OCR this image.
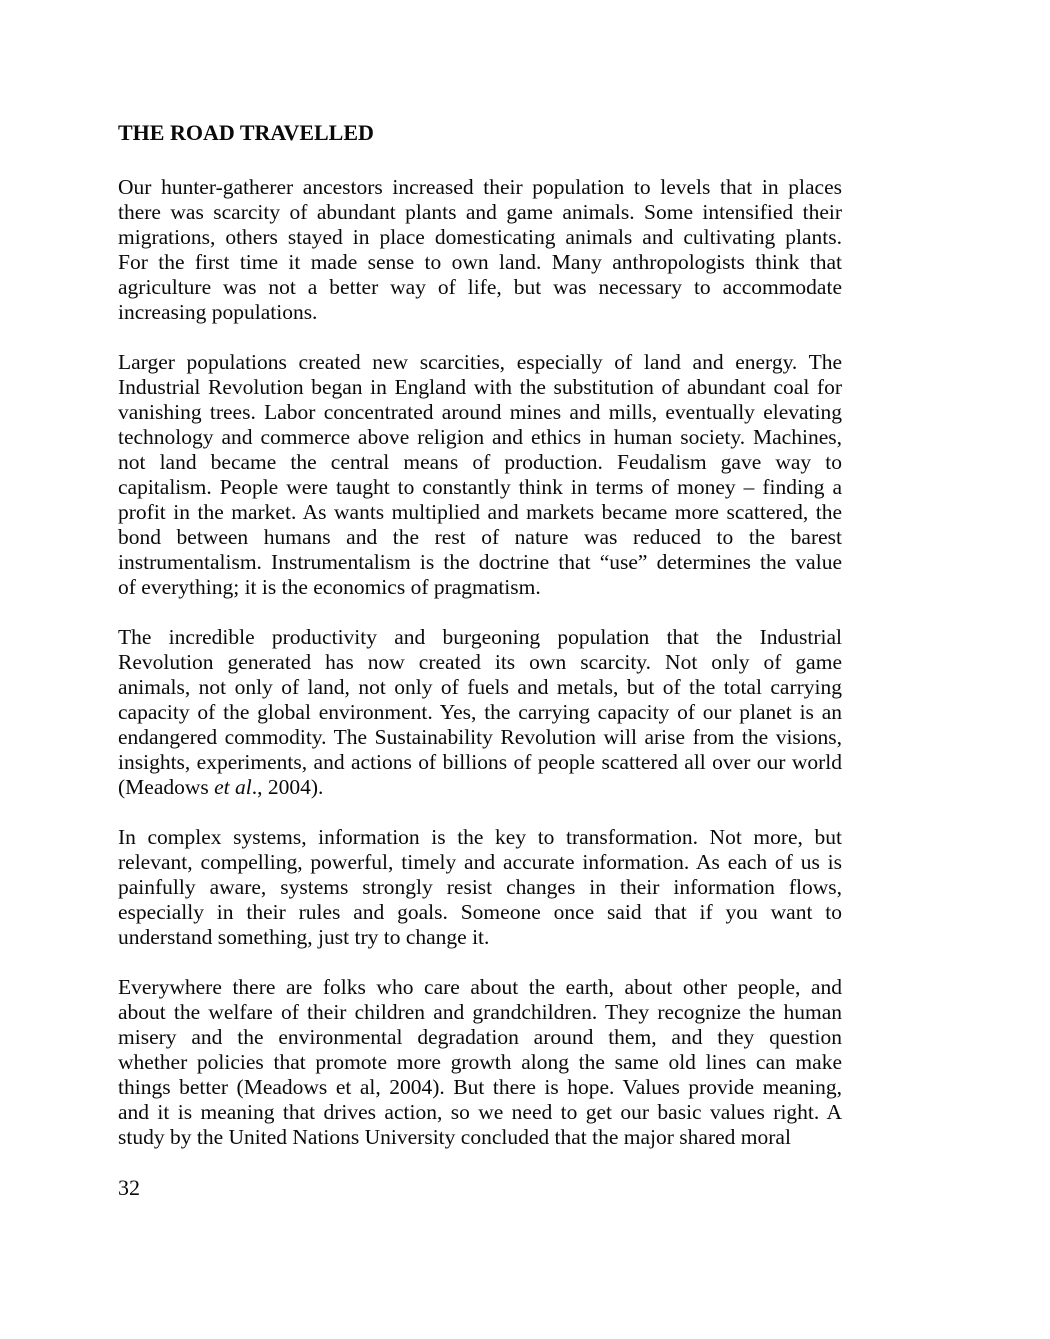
THE ROAD TRAVELLED
Our hunter-gatherer ancestors increased their population to levels that in places
there was scarcity of abundant plants and game animals. Some intensified their
migrations, others stayed in place domesticating animals and cultivating plants.
For the first time it made sense to own land. Many anthropologists think that
agriculture was not a better way of life, but was necessary to accommodate
increasing populations.
Larger populations created new scarcities, especially of land and energy. The
Industrial Revolution began in England with the substitution of abundant coal for
vanishing trees. Labor concentrated around mines and mills, eventually elevating
technology and commerce above religion and ethics in human society. Machines,
not land became the central means of production. Feudalism gave way to
capitalism. People were taught to constantly think in terms of money – finding a
profit in the market. As wants multiplied and markets became more scattered, the
bond between humans and the rest of nature was reduced to the barest
instrumentalism. Instrumentalism is the doctrine that “use” determines the value
of everything; it is the economics of pragmatism.
The incredible productivity and burgeoning population that the Industrial
Revolution generated has now created its own scarcity. Not only of game
animals, not only of land, not only of fuels and metals, but of the total carrying
capacity of the global environment. Yes, the carrying capacity of our planet is an
endangered commodity. The Sustainability Revolution will arise from the visions,
insights, experiments, and actions of billions of people scattered all over our world
(Meadows et al., 2004).
In complex systems, information is the key to transformation. Not more, but
relevant, compelling, powerful, timely and accurate information. As each of us is
painfully aware, systems strongly resist changes in their information flows,
especially in their rules and goals. Someone once said that if you want to
understand something, just try to change it.
Everywhere there are folks who care about the earth, about other people, and
about the welfare of their children and grandchildren. They recognize the human
misery and the environmental degradation around them, and they question
whether policies that promote more growth along the same old lines can make
things better (Meadows et al, 2004). But there is hope. Values provide meaning,
and it is meaning that drives action, so we need to get our basic values right. A
study by the United Nations University concluded that the major shared moral
32
